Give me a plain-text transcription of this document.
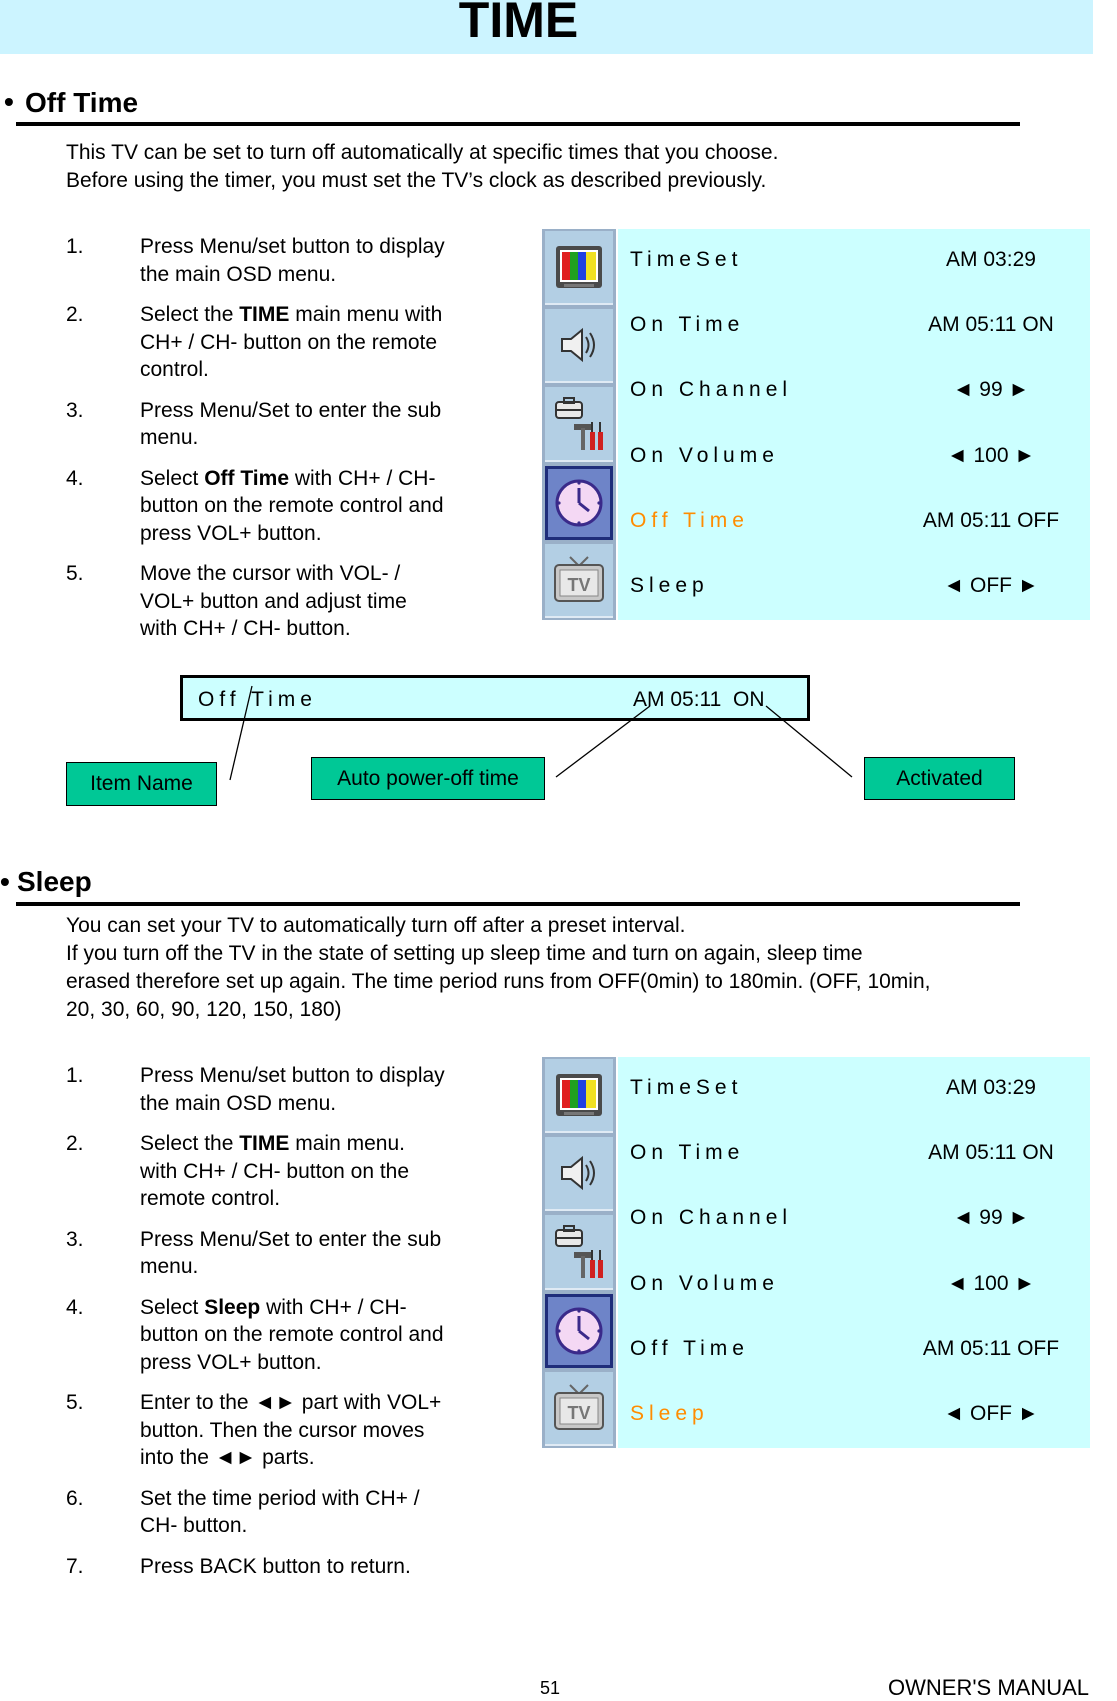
TIME
• Off Time
This TV can be set to turn off automatically at specific times that you choose.
Before using the timer, you must set the TV’s clock as described previously.
1.	Press Menu/set button to display
the main OSD menu.
2.	Select the TIME main menu with
CH+ / CH- button on the remote
control.
3.	Press Menu/Set to enter the sub
menu.
4.	Select Off Time with CH+ / CH-
button on the remote control and
press VOL+ button.
5.	Move the cursor with VOL- /
VOL+ button and adjust time
with CH+ / CH- button.
TV
TimeSet	AM 03:29
On Time	AM 05:11 ON
On Channel	◄ 99 ►
On Volume	◄ 100 ►
Off Time	AM 05:11 OFF
Sleep	◄ OFF ►
Off Time	AM 05:11  ON
Item Name	Auto power-off time	Activated
• Sleep
You can set your TV to automatically turn off after a preset interval.
If you turn off the TV in the state of setting up sleep time and turn on again, sleep time
erased therefore set up again. The time period runs from OFF(0min) to 180min. (OFF, 10min,
20, 30, 60, 90, 120, 150, 180)
1.	Press Menu/set button to display
the main OSD menu.
2.	Select the TIME main menu.
with CH+ / CH- button on the
remote control.
3.	Press Menu/Set to enter the sub
menu.
4.	Select Sleep with CH+ / CH-
button on the remote control and
press VOL+ button.
5.	Enter to the ◄► part with VOL+
button. Then the cursor moves
into the ◄► parts.
6.	Set the time period with CH+ /
CH- button.
7.	Press BACK button to return.
TV
TimeSet	AM 03:29
On Time	AM 05:11 ON
On Channel	◄ 99 ►
On Volume	◄ 100 ►
Off Time	AM 05:11 OFF
Sleep	◄ OFF ►
51	OWNER'S MANUAL
